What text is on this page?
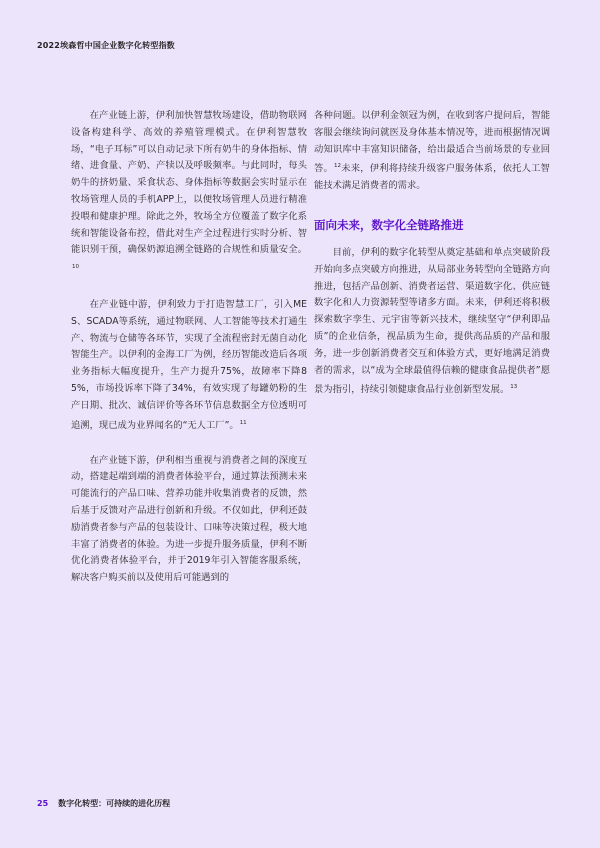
2022埃森哲中国企业数字化转型指数

在产业链上游，伊利加快智慧牧场建设，借助物联网设备构建科学、高效的养殖管理模式。在伊利智慧牧场，“电子耳标”可以自动记录下所有奶牛的身体指标、情绪、进食量、产奶、产犊以及呼吸频率。与此同时，每头奶牛的挤奶量、采食状态、身体指标等数据会实时显示在牧场管理人员的手机APP上，以便牧场管理人员进行精准投喂和健康护理。除此之外，牧场全方位覆盖了数字化系统和智能设备布控，借此对生产全过程进行实时分析、智能识别干预，确保奶源追溯全链路的合规性和质量安全。$^{10}$

在产业链中游，伊利致力于打造智慧工厂，引入MES、SCADA等系统，通过物联网、人工智能等技术打通生产、物流与仓储等各环节，实现了全流程密封无菌自动化智能生产。以伊利的金海工厂为例，经历智能改造后各项业务指标大幅度提升，生产力提升75%，故障率下降85%，市场投诉率下降了34%，有效实现了每罐奶粉的生产日期、批次、诚信评价等各环节信息数据全方位透明可追溯，现已成为业界闻名的“无人工厂”。$^{11}$

在产业链下游，伊利相当重视与消费者之间的深度互动，搭建起端到端的消费者体验平台，通过算法预测未来可能流行的产品口味、营养功能并收集消费者的反馈，然后基于反馈对产品进行创新和升级。不仅如此，伊利还鼓励消费者参与产品的包装设计、口味等决策过程，极大地丰富了消费者的体验。为进一步提升服务质量，伊利不断优化消费者体验平台，并于2019年引入智能客服系统，解决客户购买前以及使用后可能遇到的

各种问题。以伊利金领冠为例，在收到客户提问后，智能客服会继续询问就医及身体基本情况等，进而根据情况调动知识库中丰富知识储备，给出最适合当前场景的专业回答。$^{12}$未来，伊利将持续升级客户服务体系，依托人工智能技术满足消费者的需求。

面向未来，数字化全链路推进

目前，伊利的数字化转型从奠定基础和单点突破阶段开始向多点突破方向推进，从局部业务转型向全链路方向推进，包括产品创新、消费者运营、渠道数字化、供应链数字化和人力资源转型等诸多方面。未来，伊利还将积极探索数字孪生、元宇宙等新兴技术，继续坚守“伊利即品质”的企业信条，视品质为生命，提供高品质的产品和服务，进一步创新消费者交互和体验方式，更好地满足消费者的需求，以“成为全球最值得信赖的健康食品提供者”愿景为指引，持续引领健康食品行业创新型发展。$^{13}$

25 数字化转型：可持续的进化历程
